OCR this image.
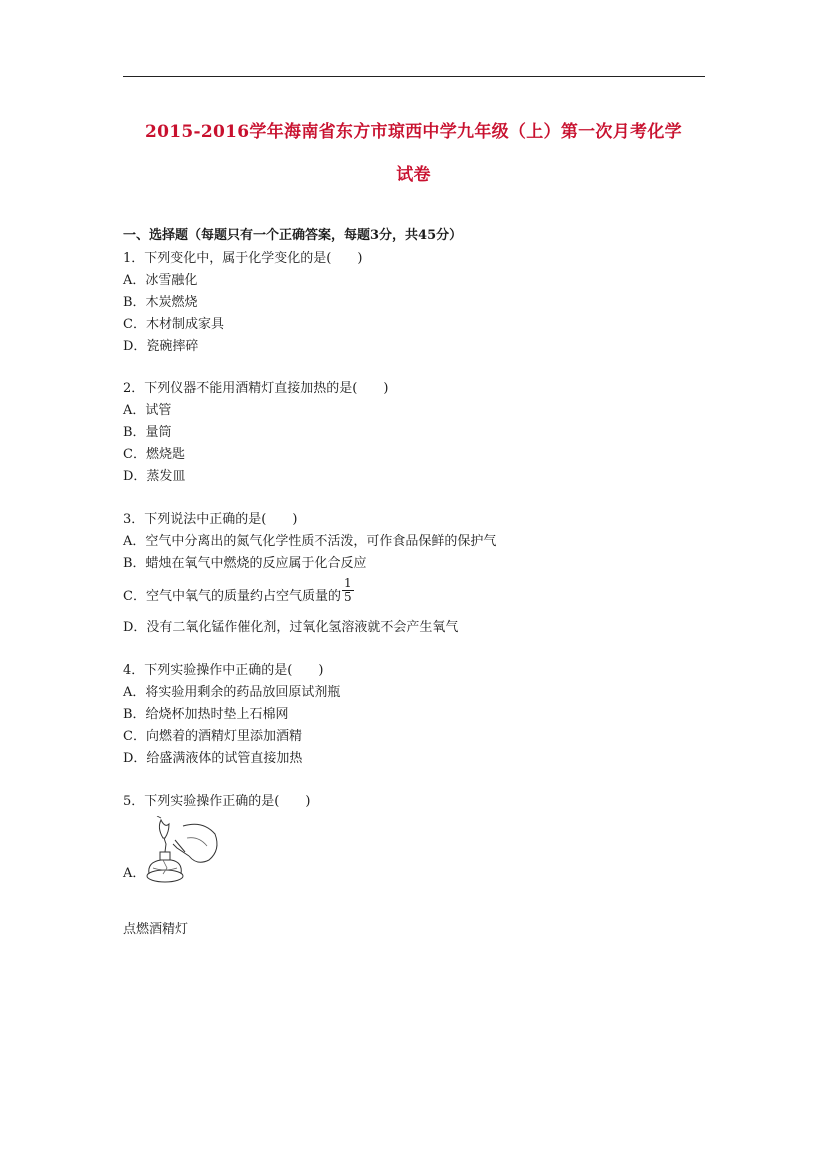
2015-2016学年海南省东方市琼西中学九年级（上）第一次月考化学
试卷
一、选择题（每题只有一个正确答案，每题3分，共45分）
1．下列变化中，属于化学变化的是(　　)
A．冰雪融化
B．木炭燃烧
C．木材制成家具
D．瓷碗摔碎
2．下列仪器不能用酒精灯直接加热的是(　　)
A．试管
B．量筒
C．燃烧匙
D．蒸发皿
3．下列说法中正确的是(　　)
A．空气中分离出的氮气化学性质不活泼，可作食品保鲜的保护气
B．蜡烛在氧气中燃烧的反应属于化合反应
C．空气中氧气的质量约占空气质量的 $\frac{1}{5}$
D．没有二氧化锰作催化剂，过氧化氢溶液就不会产生氧气
4．下列实验操作中正确的是(　　)
A．将实验用剩余的药品放回原试剂瓶
B．给烧杯加热时垫上石棉网
C．向燃着的酒精灯里添加酒精
D．给盛满液体的试管直接加热
5．下列实验操作正确的是(　　)
A．
点燃酒精灯
